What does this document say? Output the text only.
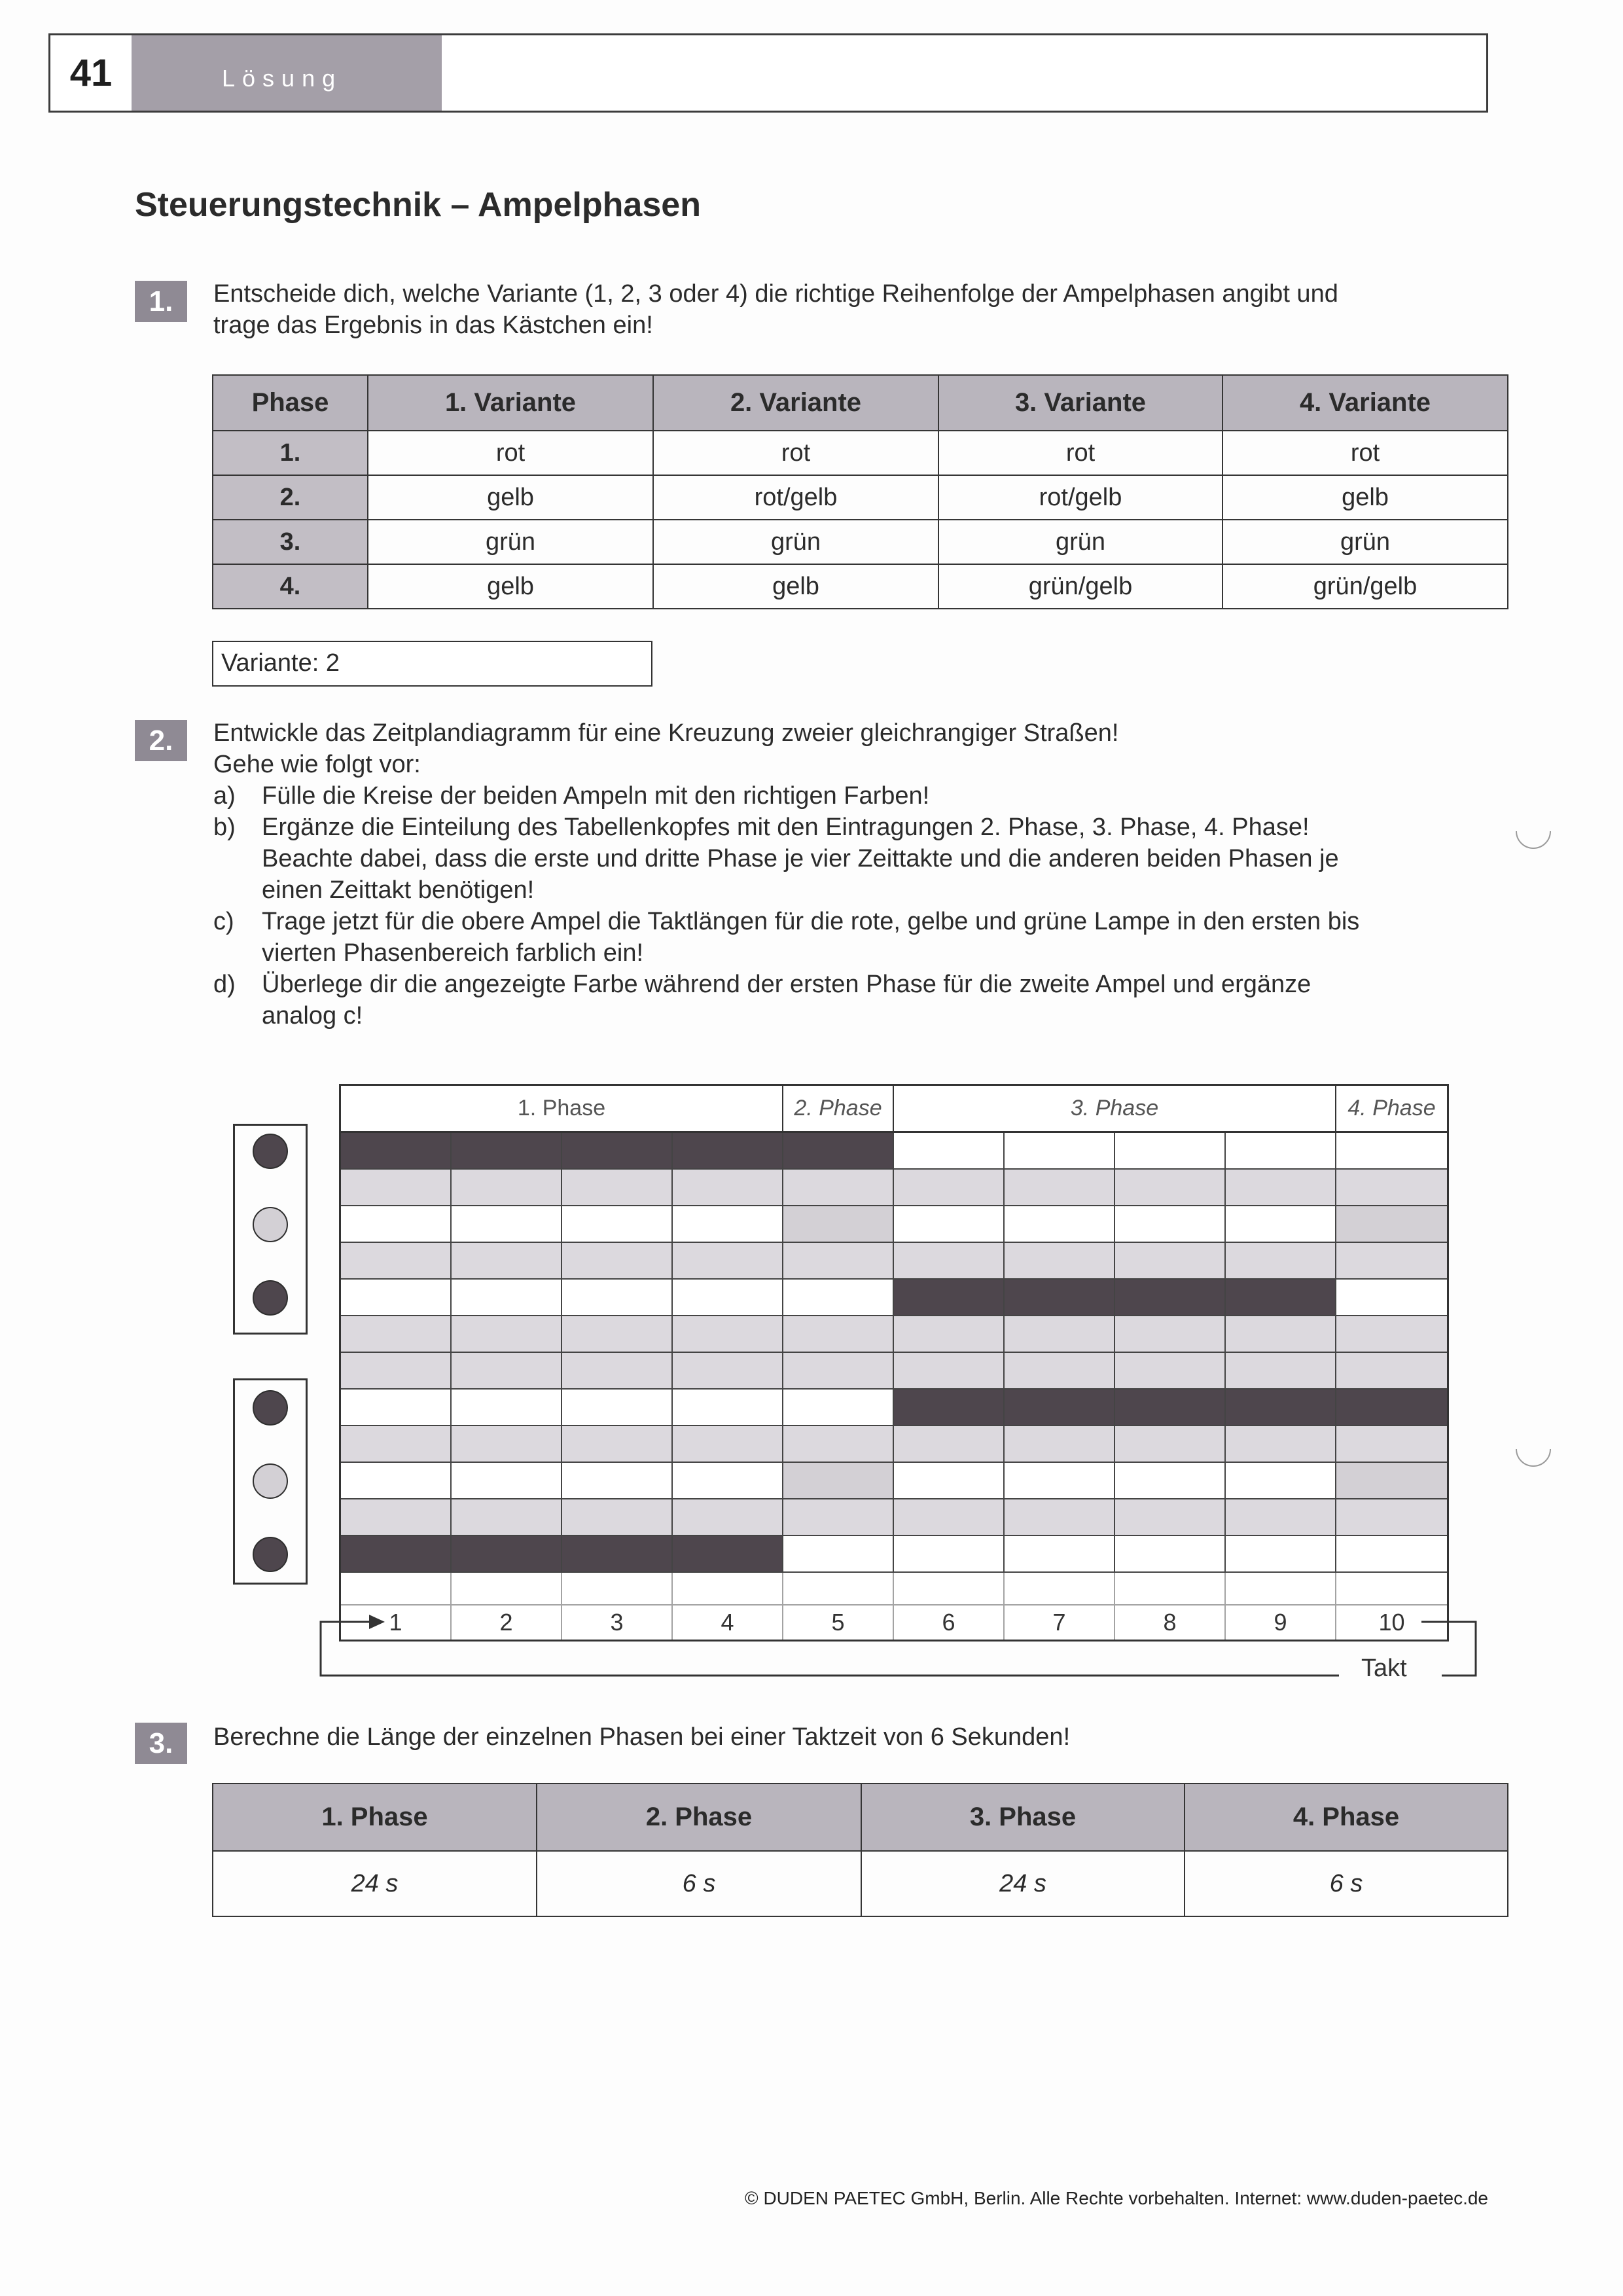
41	Lösung
Steuerungstechnik – Ampelphasen
1.	Entscheide dich, welche Variante (1, 2, 3 oder 4) die richtige Reihenfolge der Ampelphasen angibt und
trage das Ergebnis in das Kästchen ein!
Phase	1. Variante	2. Variante	3. Variante	4. Variante
1.	rot	rot	rot	rot
2.	gelb	rot/gelb	rot/gelb	gelb
3.	grün	grün	grün	grün
4.	gelb	gelb	grün/gelb	grün/gelb
Variante: 2
2.	Entwickle das Zeitplandiagramm für eine Kreuzung zweier gleichrangiger Straßen!
Gehe wie folgt vor:
a)	Fülle die Kreise der beiden Ampeln mit den richtigen Farben!
b)	Ergänze die Einteilung des Tabellenkopfes mit den Eintragungen 2. Phase, 3. Phase, 4. Phase!
Beachte dabei, dass die erste und dritte Phase je vier Zeittakte und die anderen beiden Phasen je
einen Zeittakt benötigen!
c)	Trage jetzt für die obere Ampel die Taktlängen für die rote, gelbe und grüne Lampe in den ersten bis
vierten Phasenbereich farblich ein!
d)	Überlege dir die angezeigte Farbe während der ersten Phase für die zweite Ampel und ergänze
analog c!
1. Phase	2. Phase	3. Phase	4. Phase
1	2	3	4	5	6	7	8	9	10
Takt
3.	Berechne die Länge der einzelnen Phasen bei einer Taktzeit von 6 Sekunden!
1. Phase	2. Phase	3. Phase	4. Phase
24 s	6 s	24 s	6 s
© DUDEN PAETEC GmbH, Berlin. Alle Rechte vorbehalten. Internet: www.duden-paetec.de
